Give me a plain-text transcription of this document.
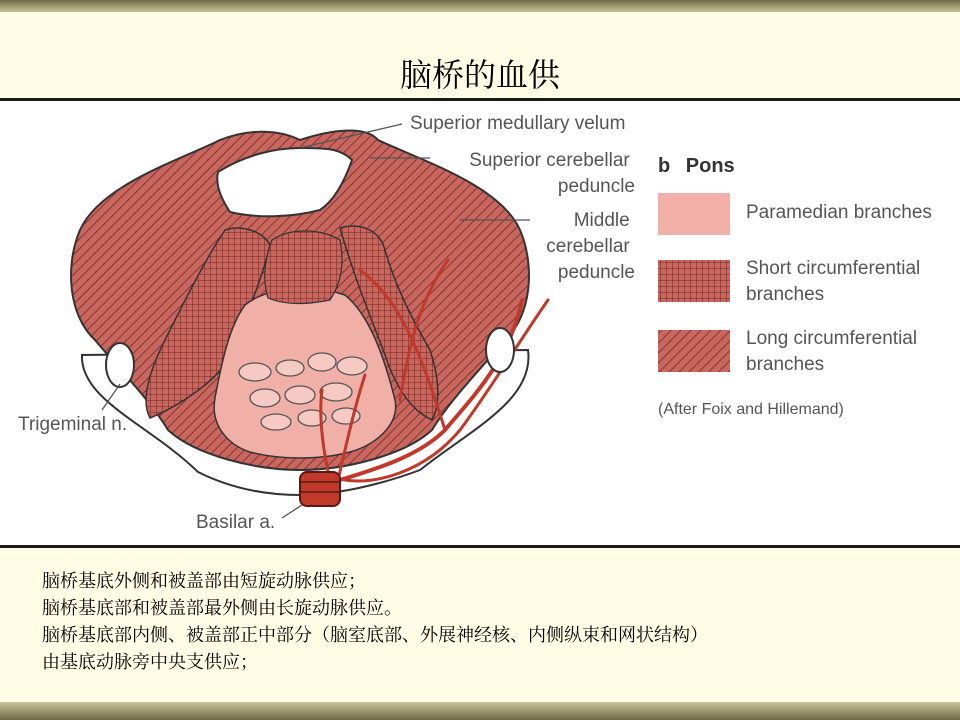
脑桥的血供
Superior medullary velum
Superior cerebellar peduncle
Middle cerebellar peduncle
Trigeminal n.
Basilar a.
b Pons
Paramedian branches
Short circumferential branches
Long circumferential branches
(After Foix and Hillemand)
脑桥基底外侧和被盖部由短旋动脉供应；
脑桥基底部和被盖部最外侧由长旋动脉供应。
脑桥基底部内侧、被盖部正中部分（脑室底部、外展神经核、内侧纵束和网状结构）
由基底动脉旁中央支供应；
